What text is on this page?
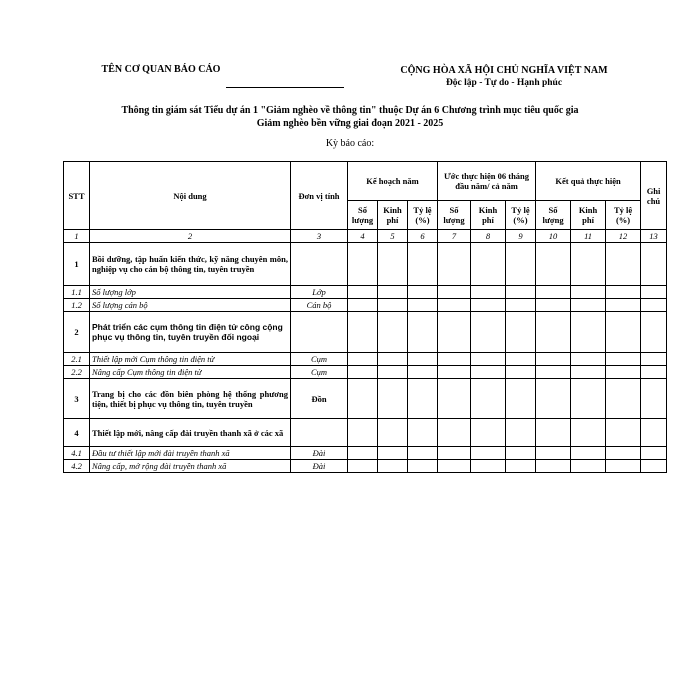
TÊN CƠ QUAN BÁO CÁO	CỘNG HÒA XÃ HỘI CHỦ NGHĨA VIỆT NAM
Độc lập - Tự do - Hạnh phúc
Thông tin giám sát Tiểu dự án 1 "Giảm nghèo về thông tin" thuộc Dự án 6 Chương trình mục tiêu quốc gia
Giảm nghèo bền vững giai đoạn 2021 - 2025
Kỳ báo cáo:
STT	Nội dung	Đơn vị tính	Kế hoạch năm			Ước thực hiện 06 tháng đầu năm/ cả năm			Kết quả thực hiện			Ghi chú
			Số lượng	Kinh phí	Tỷ lệ (%)	Số lượng	Kinh phí	Tỷ lệ (%)	Số lượng	Kinh phí	Tỷ lệ (%)	
1	2	3	4	5	6	7	8	9	10	11	12	13
1	Bồi dưỡng, tập huấn kiến thức, kỹ năng chuyên môn, nghiệp vụ cho cán bộ thông tin, tuyên truyền											
1.1	Số lượng lớp	Lớp										
1.2	Số lượng cán bộ	Cán bộ										
2	Phát triển các cụm thông tin điện tử công cộng phục vụ thông tin, tuyên truyền đối ngoại											
2.1	Thiết lập mới Cụm thông tin điện tử	Cụm										
2.2	Nâng cấp Cụm thông tin điện tử	Cụm										
3	Trang bị cho các đồn biên phòng hệ thống phương tiện, thiết bị phục vụ thông tin, tuyên truyền	Đồn										
4	Thiết lập mới, nâng cấp đài truyền thanh xã ở các xã											
4.1	Đầu tư thiết lập mới đài truyền thanh xã	Đài										
4.2	Nâng cấp, mở rộng đài truyền thanh xã	Đài										
